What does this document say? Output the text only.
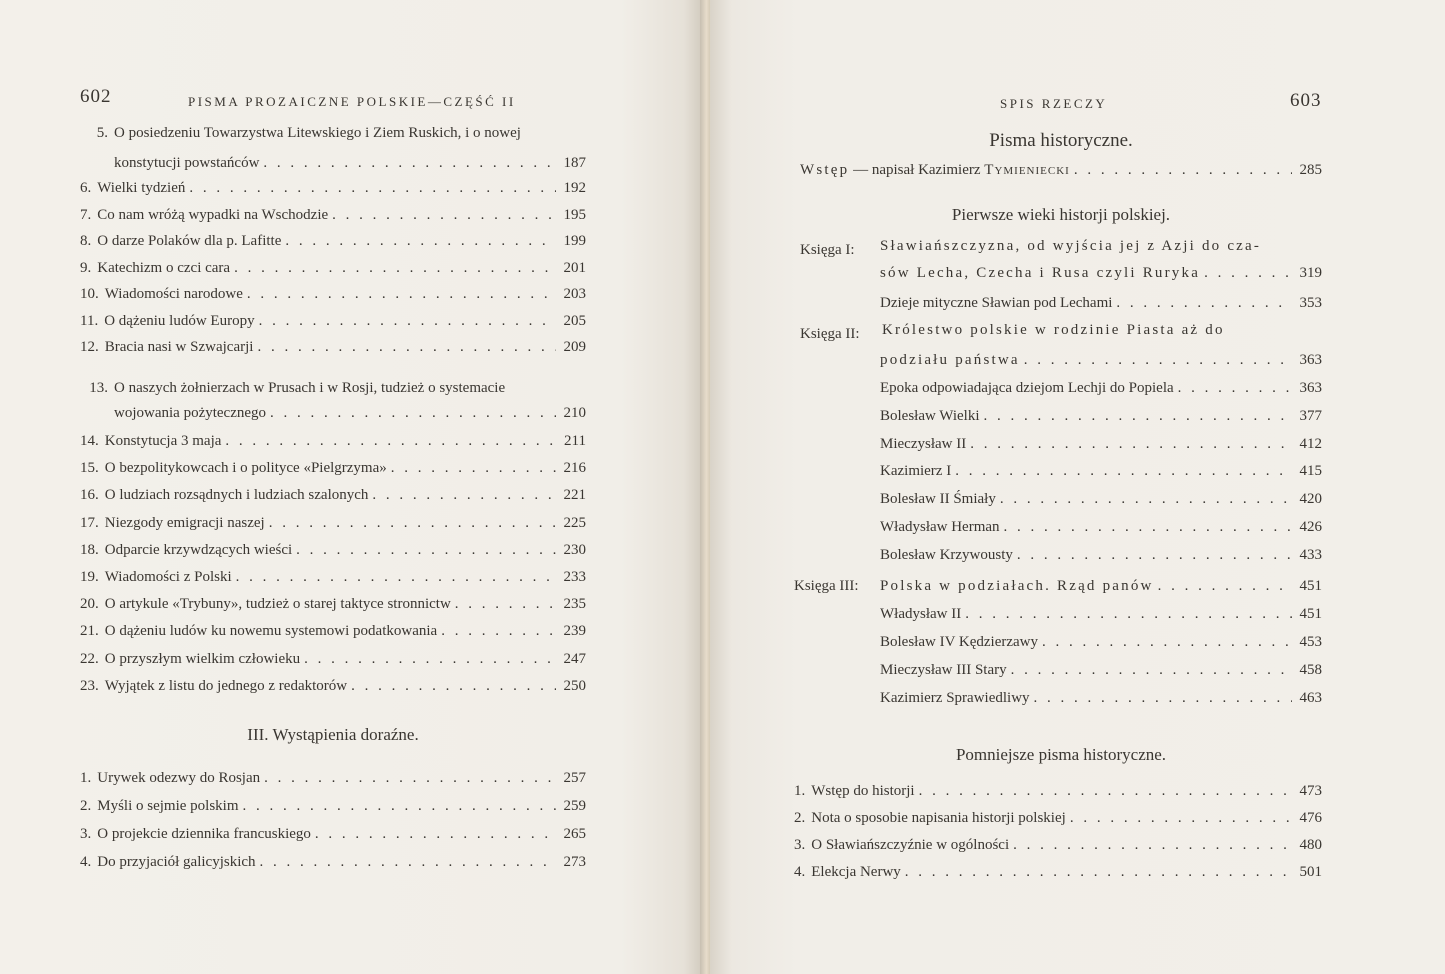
602	PISMA PROZAICZNE POLSKIE—CZĘŚĆ II
5. O posiedzeniu Towarzystwa Litewskiego i Ziem Ruskich, i o nowej
konstytucji powstańców . . .	187
6. Wielki tydzień . . .	192
7. Co nam wróżą wypadki na Wschodzie . . .	195
8. O darze Polaków dla p. Lafitte . . .	199
9. Katechizm o czci cara . . .	201
10. Wiadomości narodowe . . .	203
11. O dążeniu ludów Europy . . .	205
12. Bracia nasi w Szwajcarji . . .	209
13. O naszych żołnierzach w Prusach i w Rosji, tudzież o systemacie
wojowania pożytecznego . . .	210
14. Konstytucja 3 maja . . .	211
15. O bezpolitykowcach i o polityce «Pielgrzyma» . . .	216
16. O ludziach rozsądnych i ludziach szalonych . . .	221
17. Niezgody emigracji naszej . . .	225
18. Odparcie krzywdzących wieści . . .	230
19. Wiadomości z Polski . . .	233
20. O artykule «Trybuny», tudzież o starej taktyce stronnictw . . .	235
21. O dążeniu ludów ku nowemu systemowi podatkowania . . .	239
22. O przyszłym wielkim człowieku . . .	247
23. Wyjątek z listu do jednego z redaktorów . . .	250
III. Wystąpienia doraźne.
1. Urywek odezwy do Rosjan . . .	257
2. Myśli o sejmie polskim . . .	259
3. O projekcie dziennika francuskiego . . .	265
4. Do przyjaciół galicyjskich . . .	273
SPIS RZECZY	603
Pisma historyczne.
Wstęp — napisał Kazimierz Tymieniecki . . .	285
Pierwsze wieki historji polskiej.
Księga I: Sławiańszczyzna, od wyjścia jej z Azji do cza-
sów Lecha, Czecha i Rusa czyli Ruryka . . .	319
Dzieje mityczne Sławian pod Lechami . . .	353
Księga II: Królestwo polskie w rodzinie Piasta aż do
podziału państwa . . .	363
Epoka odpowiadająca dziejom Lechji do Popiela . . .	363
Bolesław Wielki . . .	377
Mieczysław II . . .	412
Kazimierz I . . .	415
Bolesław II Śmiały . . .	420
Władysław Herman . . .	426
Bolesław Krzywousty . . .	433
Księga III: Polska w podziałach. Rząd panów . . .	451
Władysław II . . .	451
Bolesław IV Kędzierzawy . . .	453
Mieczysław III Stary . . .	458
Kazimierz Sprawiedliwy . . .	463
Pomniejsze pisma historyczne.
1. Wstęp do historji . . .	473
2. Nota o sposobie napisania historji polskiej . . .	476
3. O Sławiańszczyźnie w ogólności . . .	480
4. Elekcja Nerwy . . .	501
